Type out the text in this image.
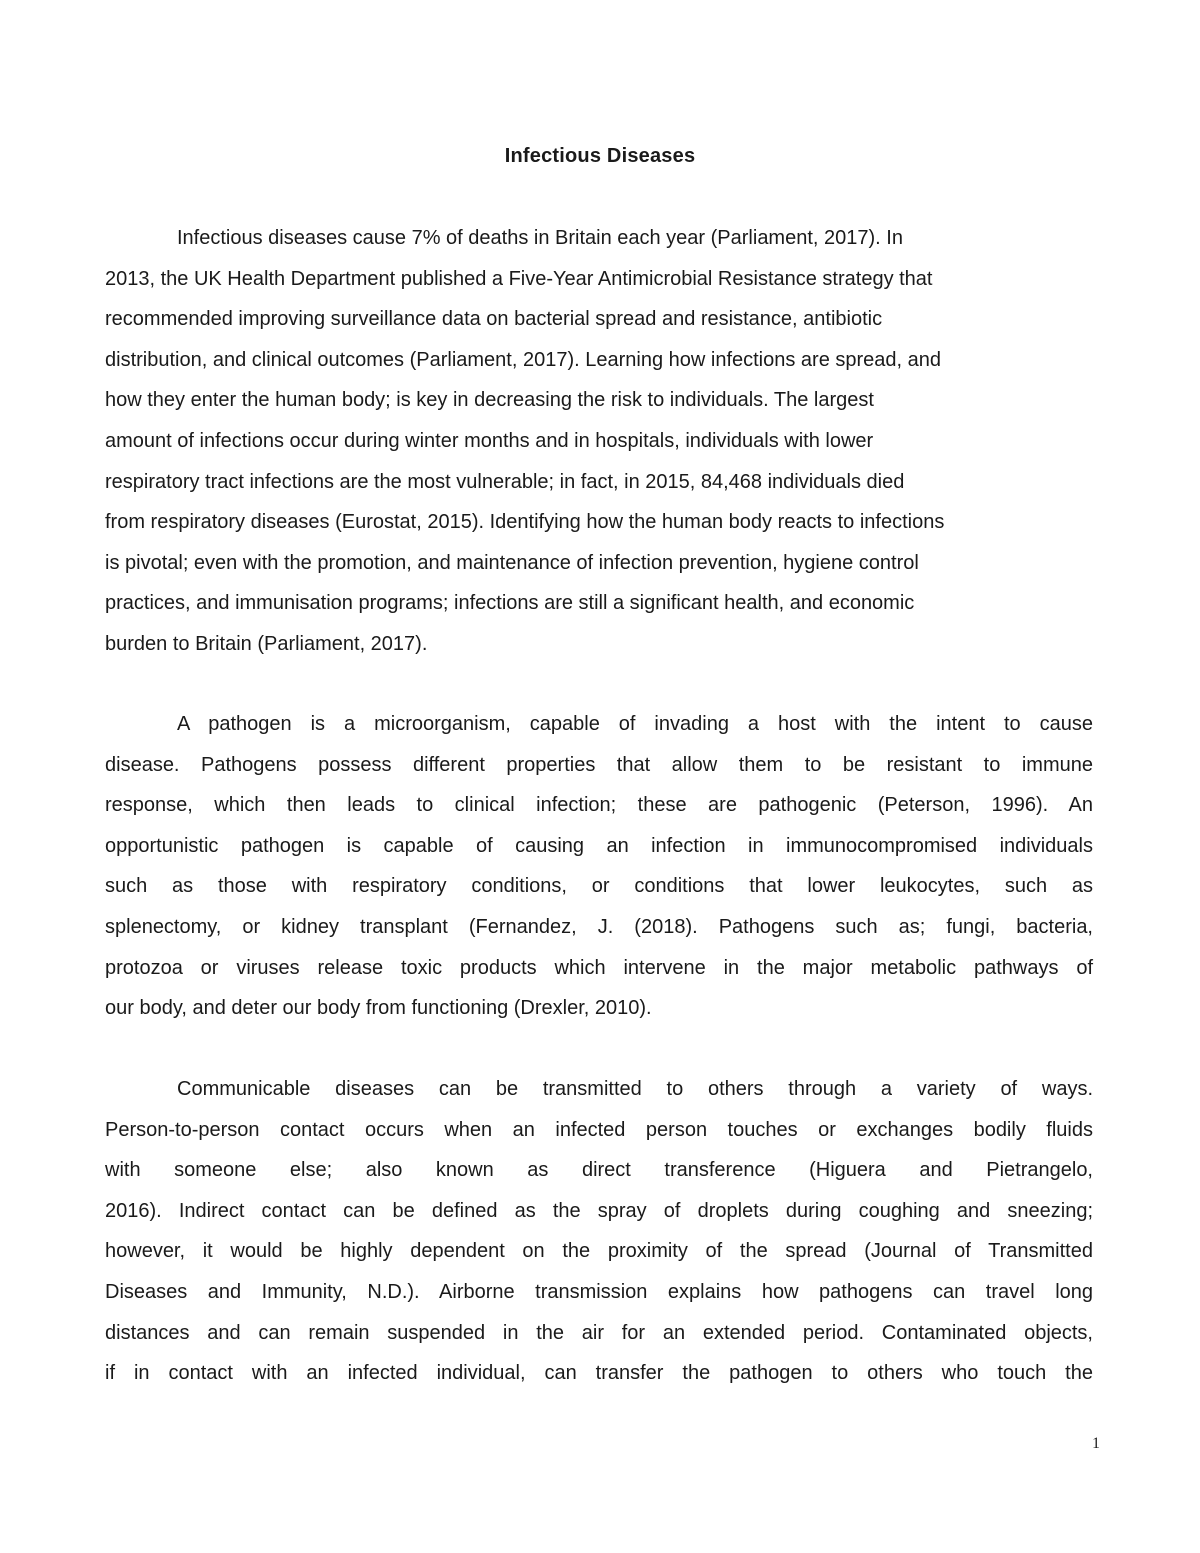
Infectious Diseases
Infectious diseases cause 7% of deaths in Britain each year (Parliament, 2017). In
2013, the UK Health Department published a Five-Year Antimicrobial Resistance strategy that
recommended improving surveillance data on bacterial spread and resistance, antibiotic
distribution, and clinical outcomes (Parliament, 2017). Learning how infections are spread, and
how they enter the human body; is key in decreasing the risk to individuals. The largest
amount of infections occur during winter months and in hospitals, individuals with lower
respiratory tract infections are the most vulnerable; in fact, in 2015, 84,468 individuals died
from respiratory diseases (Eurostat, 2015). Identifying how the human body reacts to infections
is pivotal; even with the promotion, and maintenance of infection prevention, hygiene control
practices, and immunisation programs; infections are still a significant health, and economic
burden to Britain (Parliament, 2017).
A pathogen is a microorganism, capable of invading a host with the intent to cause
disease. Pathogens possess different properties that allow them to be resistant to immune
response, which then leads to clinical infection; these are pathogenic (Peterson, 1996). An
opportunistic pathogen is capable of causing an infection in immunocompromised individuals
such as those with respiratory conditions, or conditions that lower leukocytes, such as
splenectomy, or kidney transplant (Fernandez, J. (2018). Pathogens such as; fungi, bacteria,
protozoa or viruses release toxic products which intervene in the major metabolic pathways of
our body, and deter our body from functioning (Drexler, 2010).
Communicable diseases can be transmitted to others through a variety of ways.
Person-to-person contact occurs when an infected person touches or exchanges bodily fluids
with someone else; also known as direct transference (Higuera and Pietrangelo,
2016). Indirect contact can be defined as the spray of droplets during coughing and sneezing;
however, it would be highly dependent on the proximity of the spread (Journal of Transmitted
Diseases and Immunity, N.D.). Airborne transmission explains how pathogens can travel long
distances and can remain suspended in the air for an extended period. Contaminated objects,
if in contact with an infected individual, can transfer the pathogen to others who touch the
1
